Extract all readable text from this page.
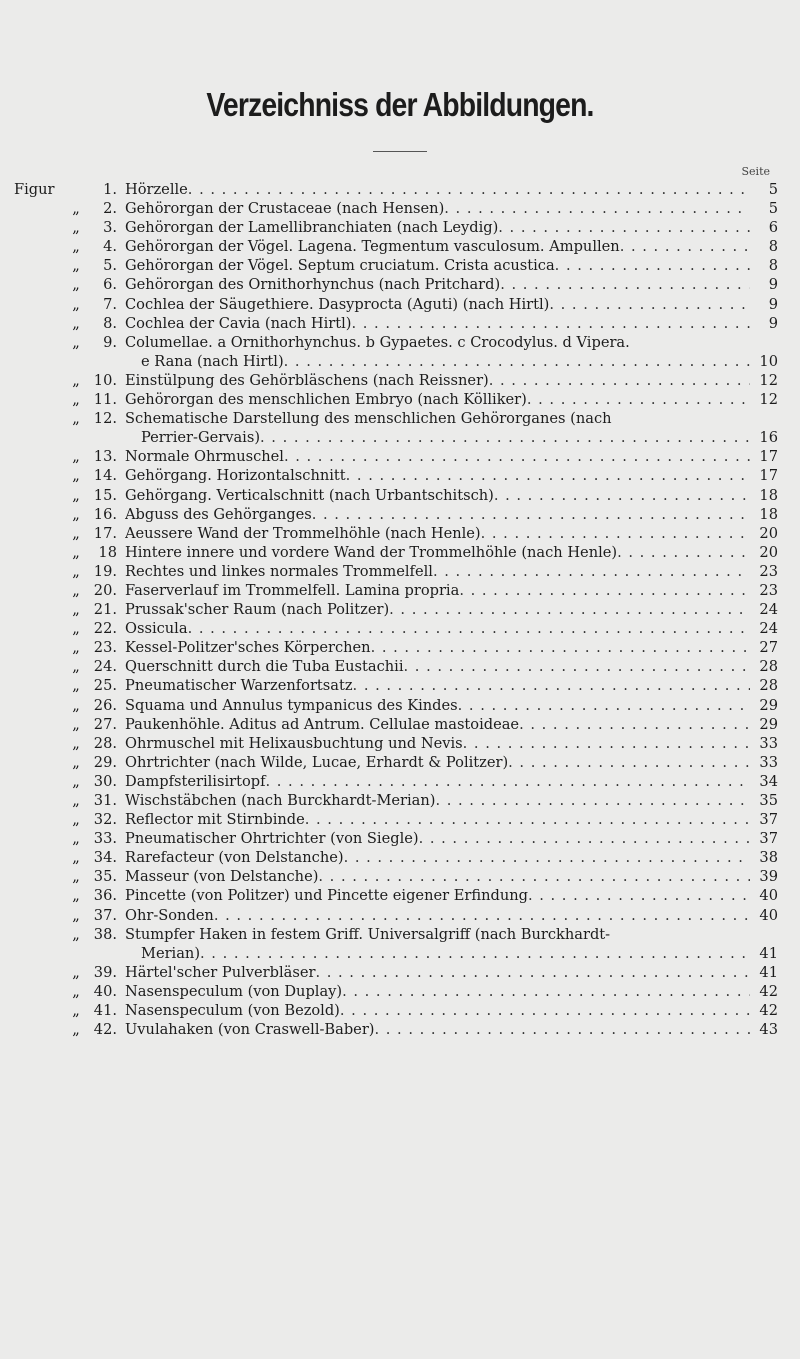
Verzeichniss der Abbildungen.
Seite
Figur	1. Hörzelle . . .	5
„	2. Gehörorgan der Crustaceae (nach Hensen) . . .	5
„	3. Gehörorgan der Lamellibranchiaten (nach Leydig) . . .	6
„	4. Gehörorgan der Vögel. Lagena. Tegmentum vasculosum. Ampullen . . .	8
„	5. Gehörorgan der Vögel. Septum cruciatum. Crista acustica . . .	8
„	6. Gehörorgan des Ornithorhynchus (nach Pritchard) . . .	9
„	7. Cochlea der Säugethiere. Dasyprocta (Aguti) (nach Hirtl) . . .	9
„	8. Cochlea der Cavia (nach Hirtl) . . .	9
„	9. Columellae. a Ornithorhynchus. b Gypaetes. c Crocodylus. d Vipera.
e Rana (nach Hirtl) . . .	10
„ 10. Einstülpung des Gehörbläschens (nach Reissner) . . .	12
„ 11. Gehörorgan des menschlichen Embryo (nach Kölliker) . . .	12
„ 12. Schematische Darstellung des menschlichen Gehörorganes (nach
Perrier-Gervais) . . .	16
„ 13. Normale Ohrmuschel . . .	17
„ 14. Gehörgang. Horizontalschnitt . . .	17
„ 15. Gehörgang. Verticalschnitt (nach Urbantschitsch) . . .	18
„ 16. Abguss des Gehörganges . . .	18
„ 17. Aeussere Wand der Trommelhöhle (nach Henle) . . .	20
„	18 Hintere innere und vordere Wand der Trommelhöhle (nach Henle) . . .	20
„ 19. Rechtes und linkes normales Trommelfell . . .	23
„ 20. Faserverlauf im Trommelfell. Lamina propria . . .	23
„ 21. Prussak'scher Raum (nach Politzer) . . .	24
„ 22. Ossicula . . .	24
„ 23. Kessel-Politzer'sches Körperchen . . .	27
„ 24. Querschnitt durch die Tuba Eustachii . . .	28
„ 25. Pneumatischer Warzenfortsatz . . .	28
„ 26. Squama und Annulus tympanicus des Kindes . . .	29
„ 27. Paukenhöhle. Aditus ad Antrum. Cellulae mastoideae . . .	29
„ 28. Ohrmuschel mit Helixausbuchtung und Nevis . . .	33
„ 29. Ohrtrichter (nach Wilde, Lucae, Erhardt & Politzer) . . .	33
„ 30. Dampfsterilisirtopf . . .	34
„ 31. Wischstäbchen (nach Burckhardt-Merian) . . .	35
„ 32. Reflector mit Stirnbinde . . .	37
„ 33. Pneumatischer Ohrtrichter (von Siegle) . . .	37
„ 34. Rarefacteur (von Delstanche) . . .	38
„ 35. Masseur (von Delstanche) . . .	39
„ 36. Pincette (von Politzer) und Pincette eigener Erfindung . . .	40
„ 37. Ohr-Sonden . . .	40
„ 38. Stumpfer Haken in festem Griff. Universalgriff (nach Burckhardt-
Merian) . . .	41
„ 39. Härtel'scher Pulverbläser . . .	41
„ 40. Nasenspeculum (von Duplay) . . .	42
„ 41. Nasenspeculum (von Bezold) . . .	42
„ 42. Uvulahaken (von Craswell-Baber) . . .	43
